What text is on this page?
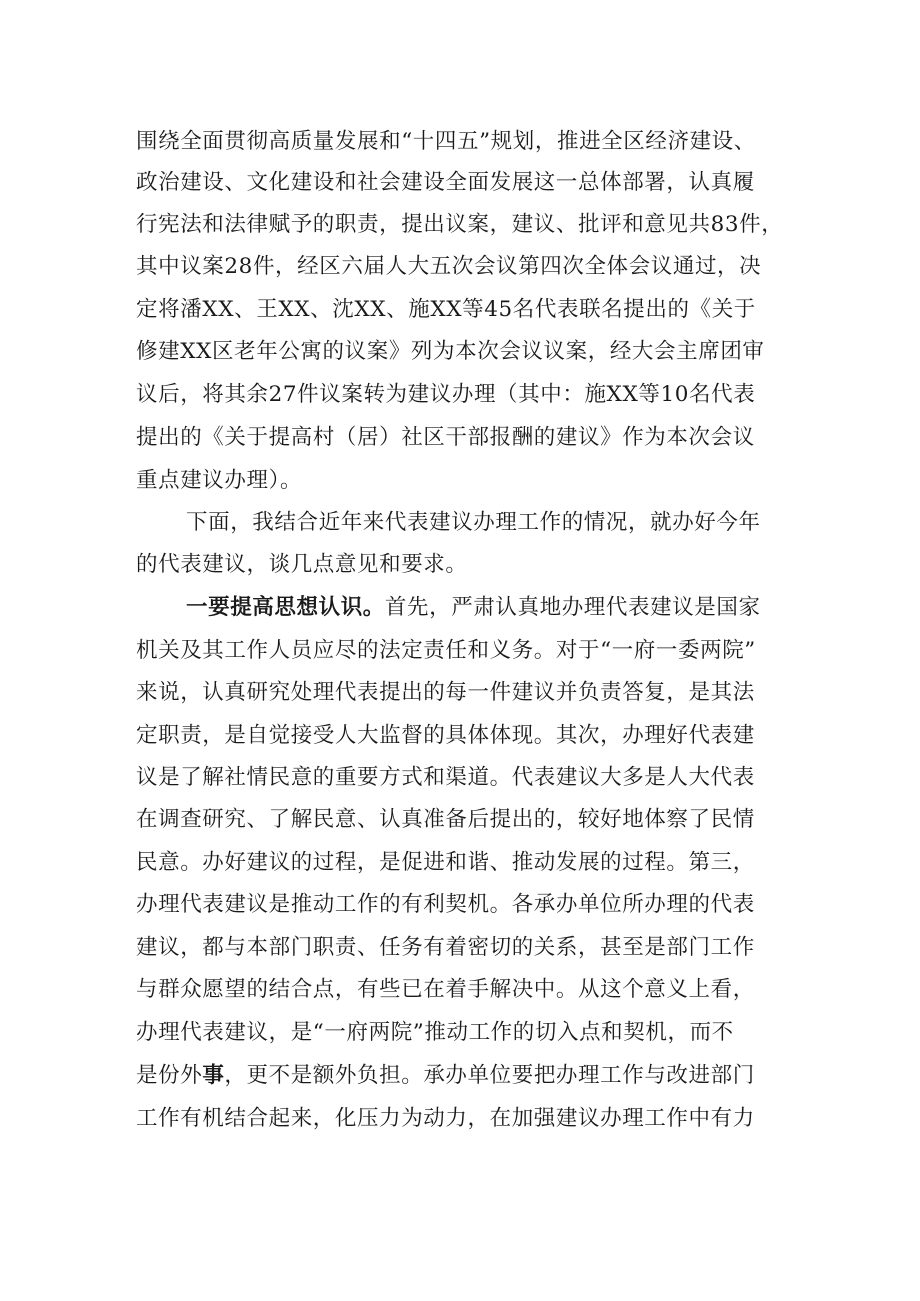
围绕全面贯彻高质量发展和“十四五”规划，推进全区经济建设、
政治建设、文化建设和社会建设全面发展这一总体部署，认真履
行宪法和法律赋予的职责，提出议案，建议、批评和意见共83件，
其中议案28件，经区六届人大五次会议第四次全体会议通过，决
定将潘XX、王XX、沈XX、施XX等45名代表联名提出的《关于
修建XX区老年公寓的议案》列为本次会议议案，经大会主席团审
议后，将其余27件议案转为建议办理（其中：施XX等10名代表
提出的《关于提高村（居）社区干部报酬的建议》作为本次会议
重点建议办理）。
下面，我结合近年来代表建议办理工作的情况，就办好今年
的代表建议，谈几点意见和要求。
一要提高思想认识。首先，严肃认真地办理代表建议是国家
机关及其工作人员应尽的法定责任和义务。对于“一府一委两院”
来说，认真研究处理代表提出的每一件建议并负责答复，是其法
定职责，是自觉接受人大监督的具体体现。其次，办理好代表建
议是了解社情民意的重要方式和渠道。代表建议大多是人大代表
在调查研究、了解民意、认真准备后提出的，较好地体察了民情
民意。办好建议的过程，是促进和谐、推动发展的过程。第三，
办理代表建议是推动工作的有利契机。各承办单位所办理的代表
建议，都与本部门职责、任务有着密切的关系，甚至是部门工作
与群众愿望的结合点，有些已在着手解决中。从这个意义上看，
办理代表建议，是“一府两院”推动工作的切入点和契机，而不
是份外事，更不是额外负担。承办单位要把办理工作与改进部门
工作有机结合起来，化压力为动力，在加强建议办理工作中有力
